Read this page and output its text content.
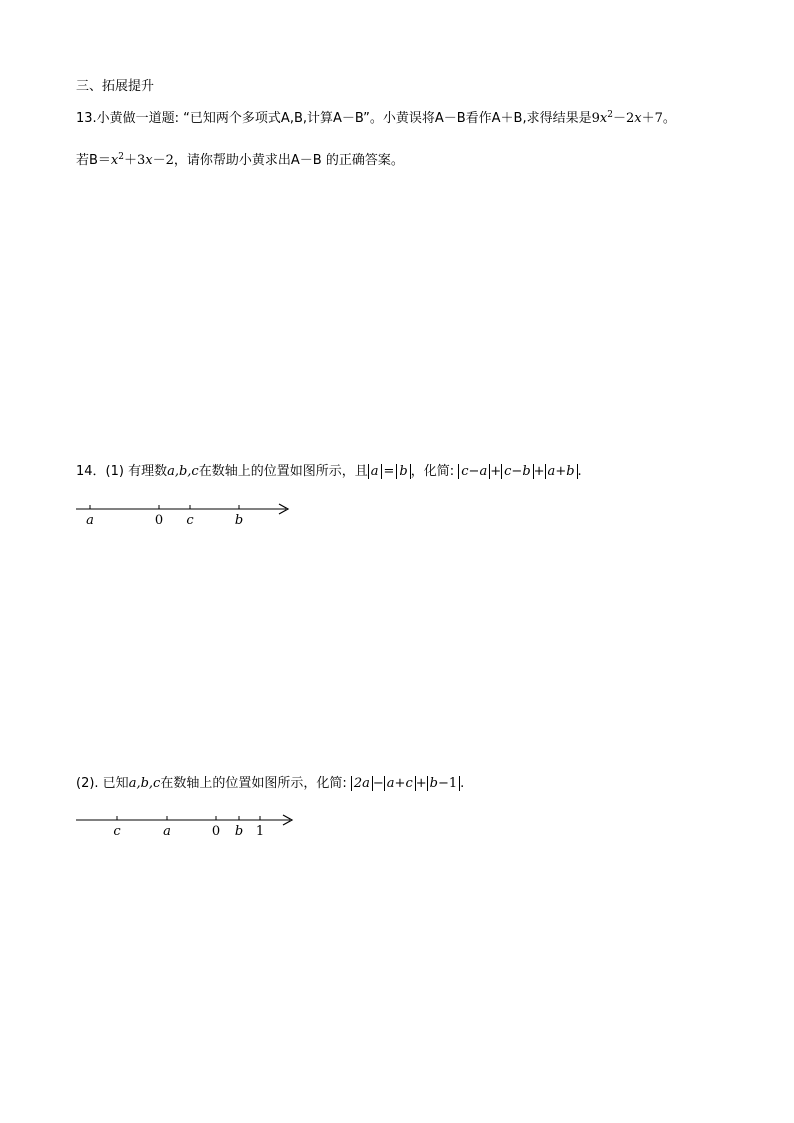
三、拓展提升
13.小黄做一道题: “已知两个多项式A,B,计算A－B”。小黄误将A－B看作A＋B,求得结果是$9x^2-2x+7$。
若$B=x^2+3x-2$，请你帮助小黄求出A－B 的正确答案。
14．(1) 有理数a,b,c在数轴上的位置如图所示，且 a = b ，化简: c−a + c−b + a+b .
a	0 c	b
(2). 已知a,b,c在数轴上的位置如图所示，化简: 2a − a+c + b−1 .
c	a	0 b 1
